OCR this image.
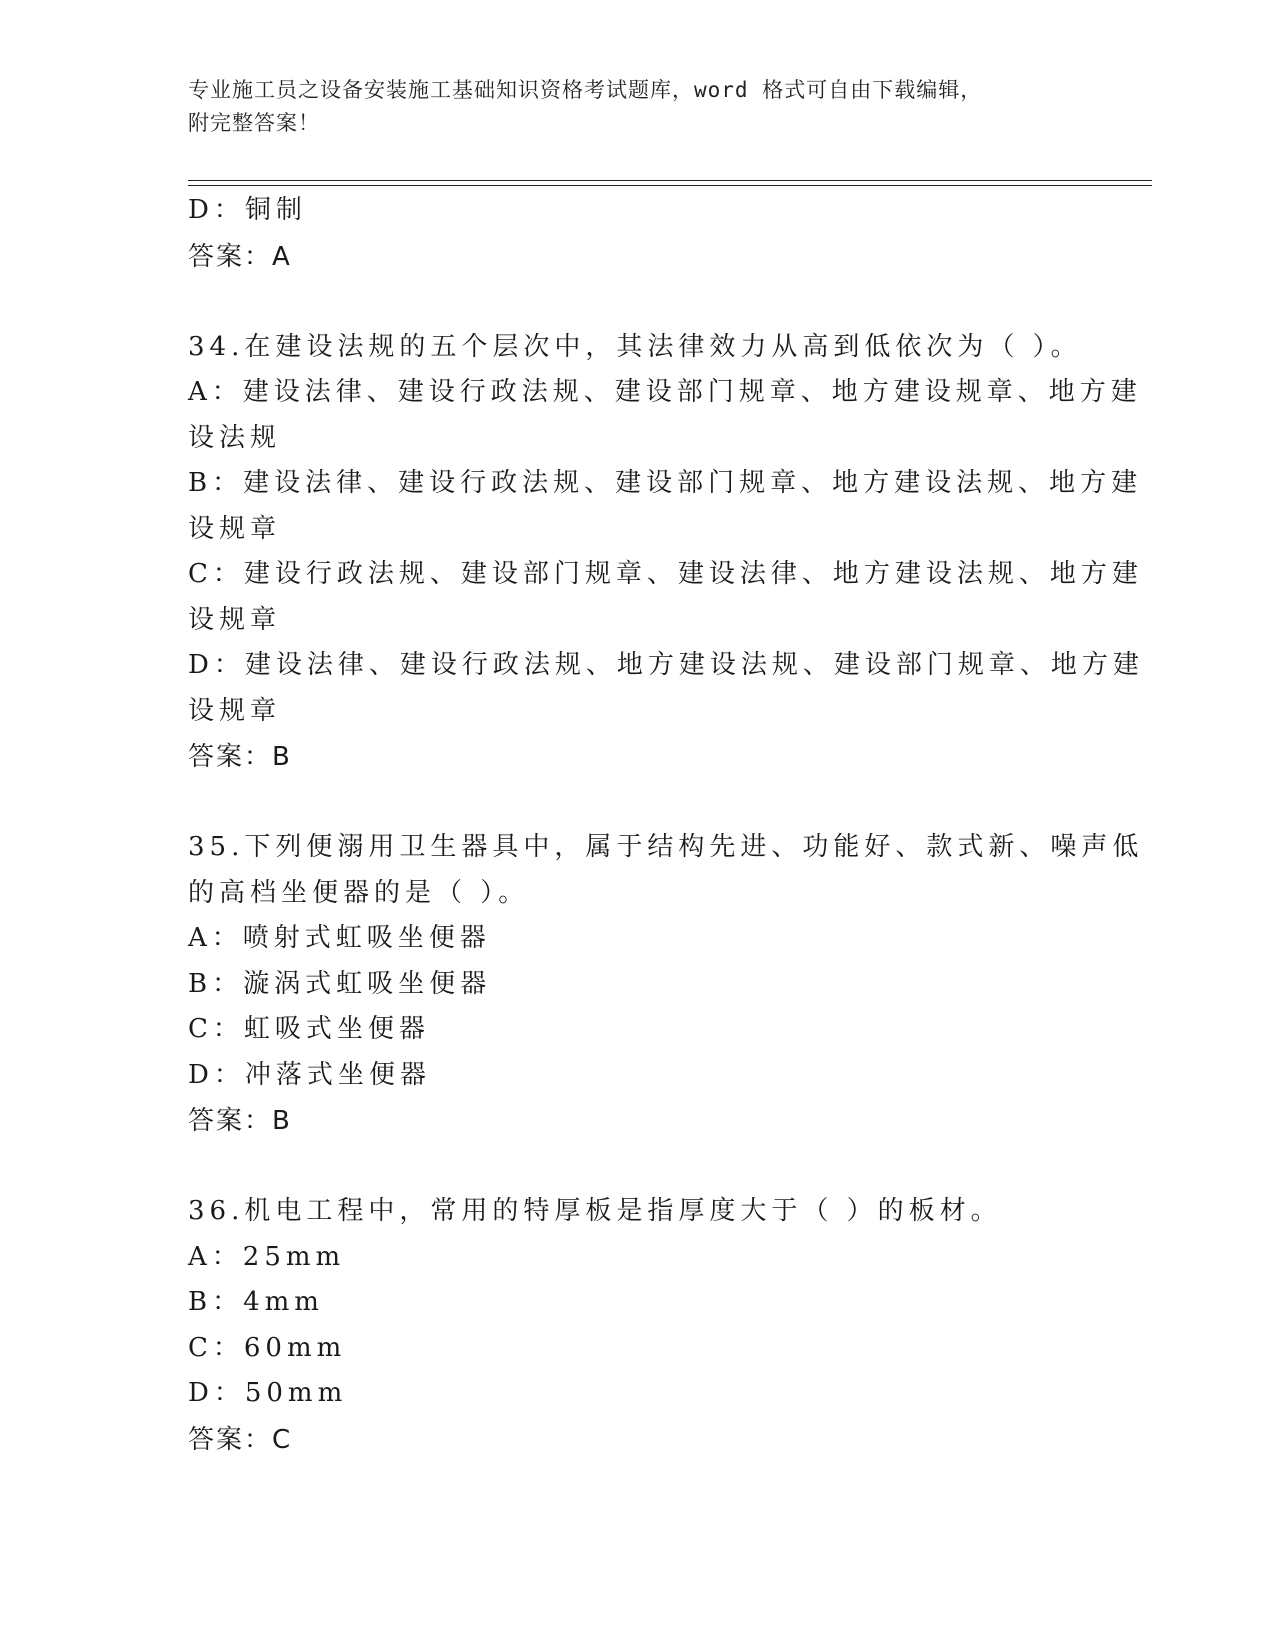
专业施工员之设备安装施工基础知识资格考试题库，word 格式可自由下载编辑，
附完整答案！
D：铜制
答案：A
34.在建设法规的五个层次中，其法律效力从高到低依次为（ ）。
A：建设法律、建设行政法规、建设部门规章、地方建设规章、地方建
设法规
B：建设法律、建设行政法规、建设部门规章、地方建设法规、地方建
设规章
C：建设行政法规、建设部门规章、建设法律、地方建设法规、地方建
设规章
D：建设法律、建设行政法规、地方建设法规、建设部门规章、地方建
设规章
答案：B
35.下列便溺用卫生器具中，属于结构先进、功能好、款式新、噪声低
的高档坐便器的是（ ）。
A：喷射式虹吸坐便器
B：漩涡式虹吸坐便器
C：虹吸式坐便器
D：冲落式坐便器
答案：B
36.机电工程中，常用的特厚板是指厚度大于（ ）的板材。
A：25mm
B：4mm
C：60mm
D：50mm
答案：C
